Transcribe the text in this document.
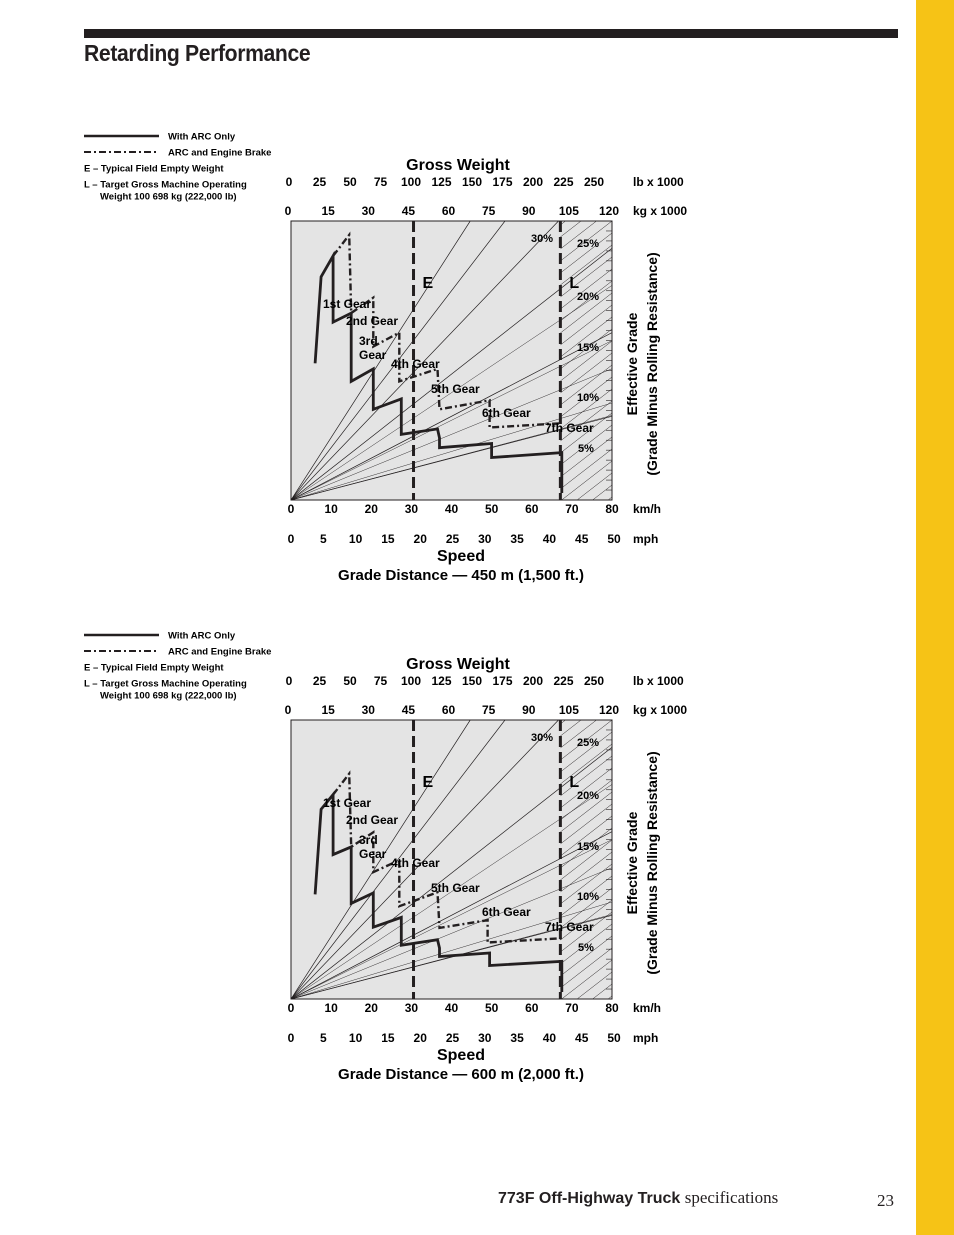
Retarding Performance
With ARC Only
ARC and Engine Brake
E – Typical Field Empty Weight
L – Target Gross Machine Operating
Weight 100 698 kg (222,000 lb)
E	L
5%
10%
15%
20%
25%
30%
1st Gear
2nd Gear
3rd
Gear
4th Gear
5th Gear
6th Gear
7th Gear
Gross Weight
0 25 50 75 100 125 150 175 200 225 250 lb x 1000
0	15 30 45 60 75 90 105 120 kg x 1000
0	10 20 30 40 50 60 70 80 km/h
0 5 10 15 20 25 30 35 40 45 50 mph
Speed
Grade Distance — 450 m (1,500 ft.)
Effective Grade (Grade Minus Rolling Resistance)
With ARC Only
ARC and Engine Brake
E – Typical Field Empty Weight
L – Target Gross Machine Operating
Weight 100 698 kg (222,000 lb)
E	L
5%
10%
15%
20%
25%
30%
1st Gear
2nd Gear
3rd
Gear
4th Gear
5th Gear
6th Gear
7th Gear
Gross Weight
0 25 50 75 100 125 150 175 200 225 250 lb x 1000
0	15 30 45 60 75 90 105 120 kg x 1000
0	10 20 30 40 50 60 70 80 km/h
0 5 10 15 20 25 30 35 40 45 50 mph
Speed
Grade Distance — 600 m (2,000 ft.)
Effective Grade (Grade Minus Rolling Resistance)
773F Off-Highway Truck specifications	23
